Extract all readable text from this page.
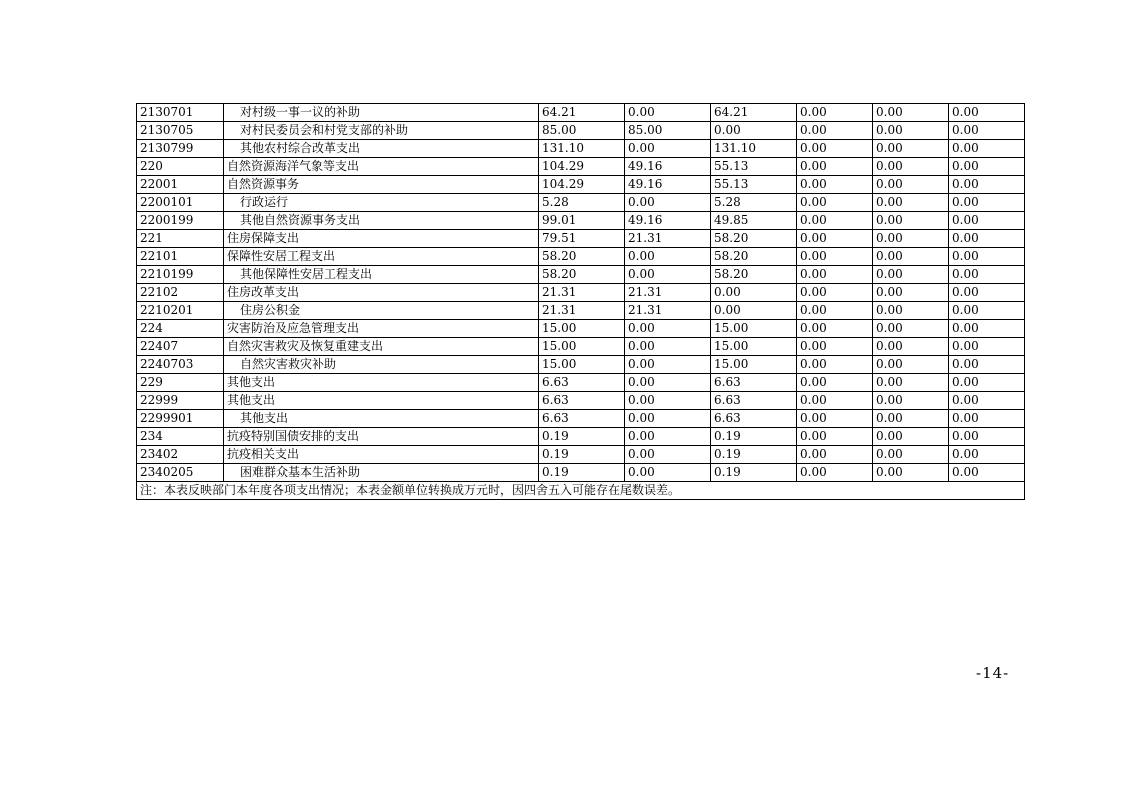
2130701	对村级一事一议的补助	64.21	0.00	64.21	0.00	0.00	0.00
2130705	对村民委员会和村党支部的补助	85.00	85.00	0.00	0.00	0.00	0.00
2130799	其他农村综合改革支出	131.10	0.00	131.10	0.00	0.00	0.00
220	自然资源海洋气象等支出	104.29	49.16	55.13	0.00	0.00	0.00
22001	自然资源事务	104.29	49.16	55.13	0.00	0.00	0.00
2200101	行政运行	5.28	0.00	5.28	0.00	0.00	0.00
2200199	其他自然资源事务支出	99.01	49.16	49.85	0.00	0.00	0.00
221	住房保障支出	79.51	21.31	58.20	0.00	0.00	0.00
22101	保障性安居工程支出	58.20	0.00	58.20	0.00	0.00	0.00
2210199	其他保障性安居工程支出	58.20	0.00	58.20	0.00	0.00	0.00
22102	住房改革支出	21.31	21.31	0.00	0.00	0.00	0.00
2210201	住房公积金	21.31	21.31	0.00	0.00	0.00	0.00
224	灾害防治及应急管理支出	15.00	0.00	15.00	0.00	0.00	0.00
22407	自然灾害救灾及恢复重建支出	15.00	0.00	15.00	0.00	0.00	0.00
2240703	自然灾害救灾补助	15.00	0.00	15.00	0.00	0.00	0.00
229	其他支出	6.63	0.00	6.63	0.00	0.00	0.00
22999	其他支出	6.63	0.00	6.63	0.00	0.00	0.00
2299901	其他支出	6.63	0.00	6.63	0.00	0.00	0.00
234	抗疫特别国债安排的支出	0.19	0.00	0.19	0.00	0.00	0.00
23402	抗疫相关支出	0.19	0.00	0.19	0.00	0.00	0.00
2340205	困难群众基本生活补助	0.19	0.00	0.19	0.00	0.00	0.00
注：本表反映部门本年度各项支出情况；本表金额单位转换成万元时，因四舍五入可能存在尾数误差。							
-14-
